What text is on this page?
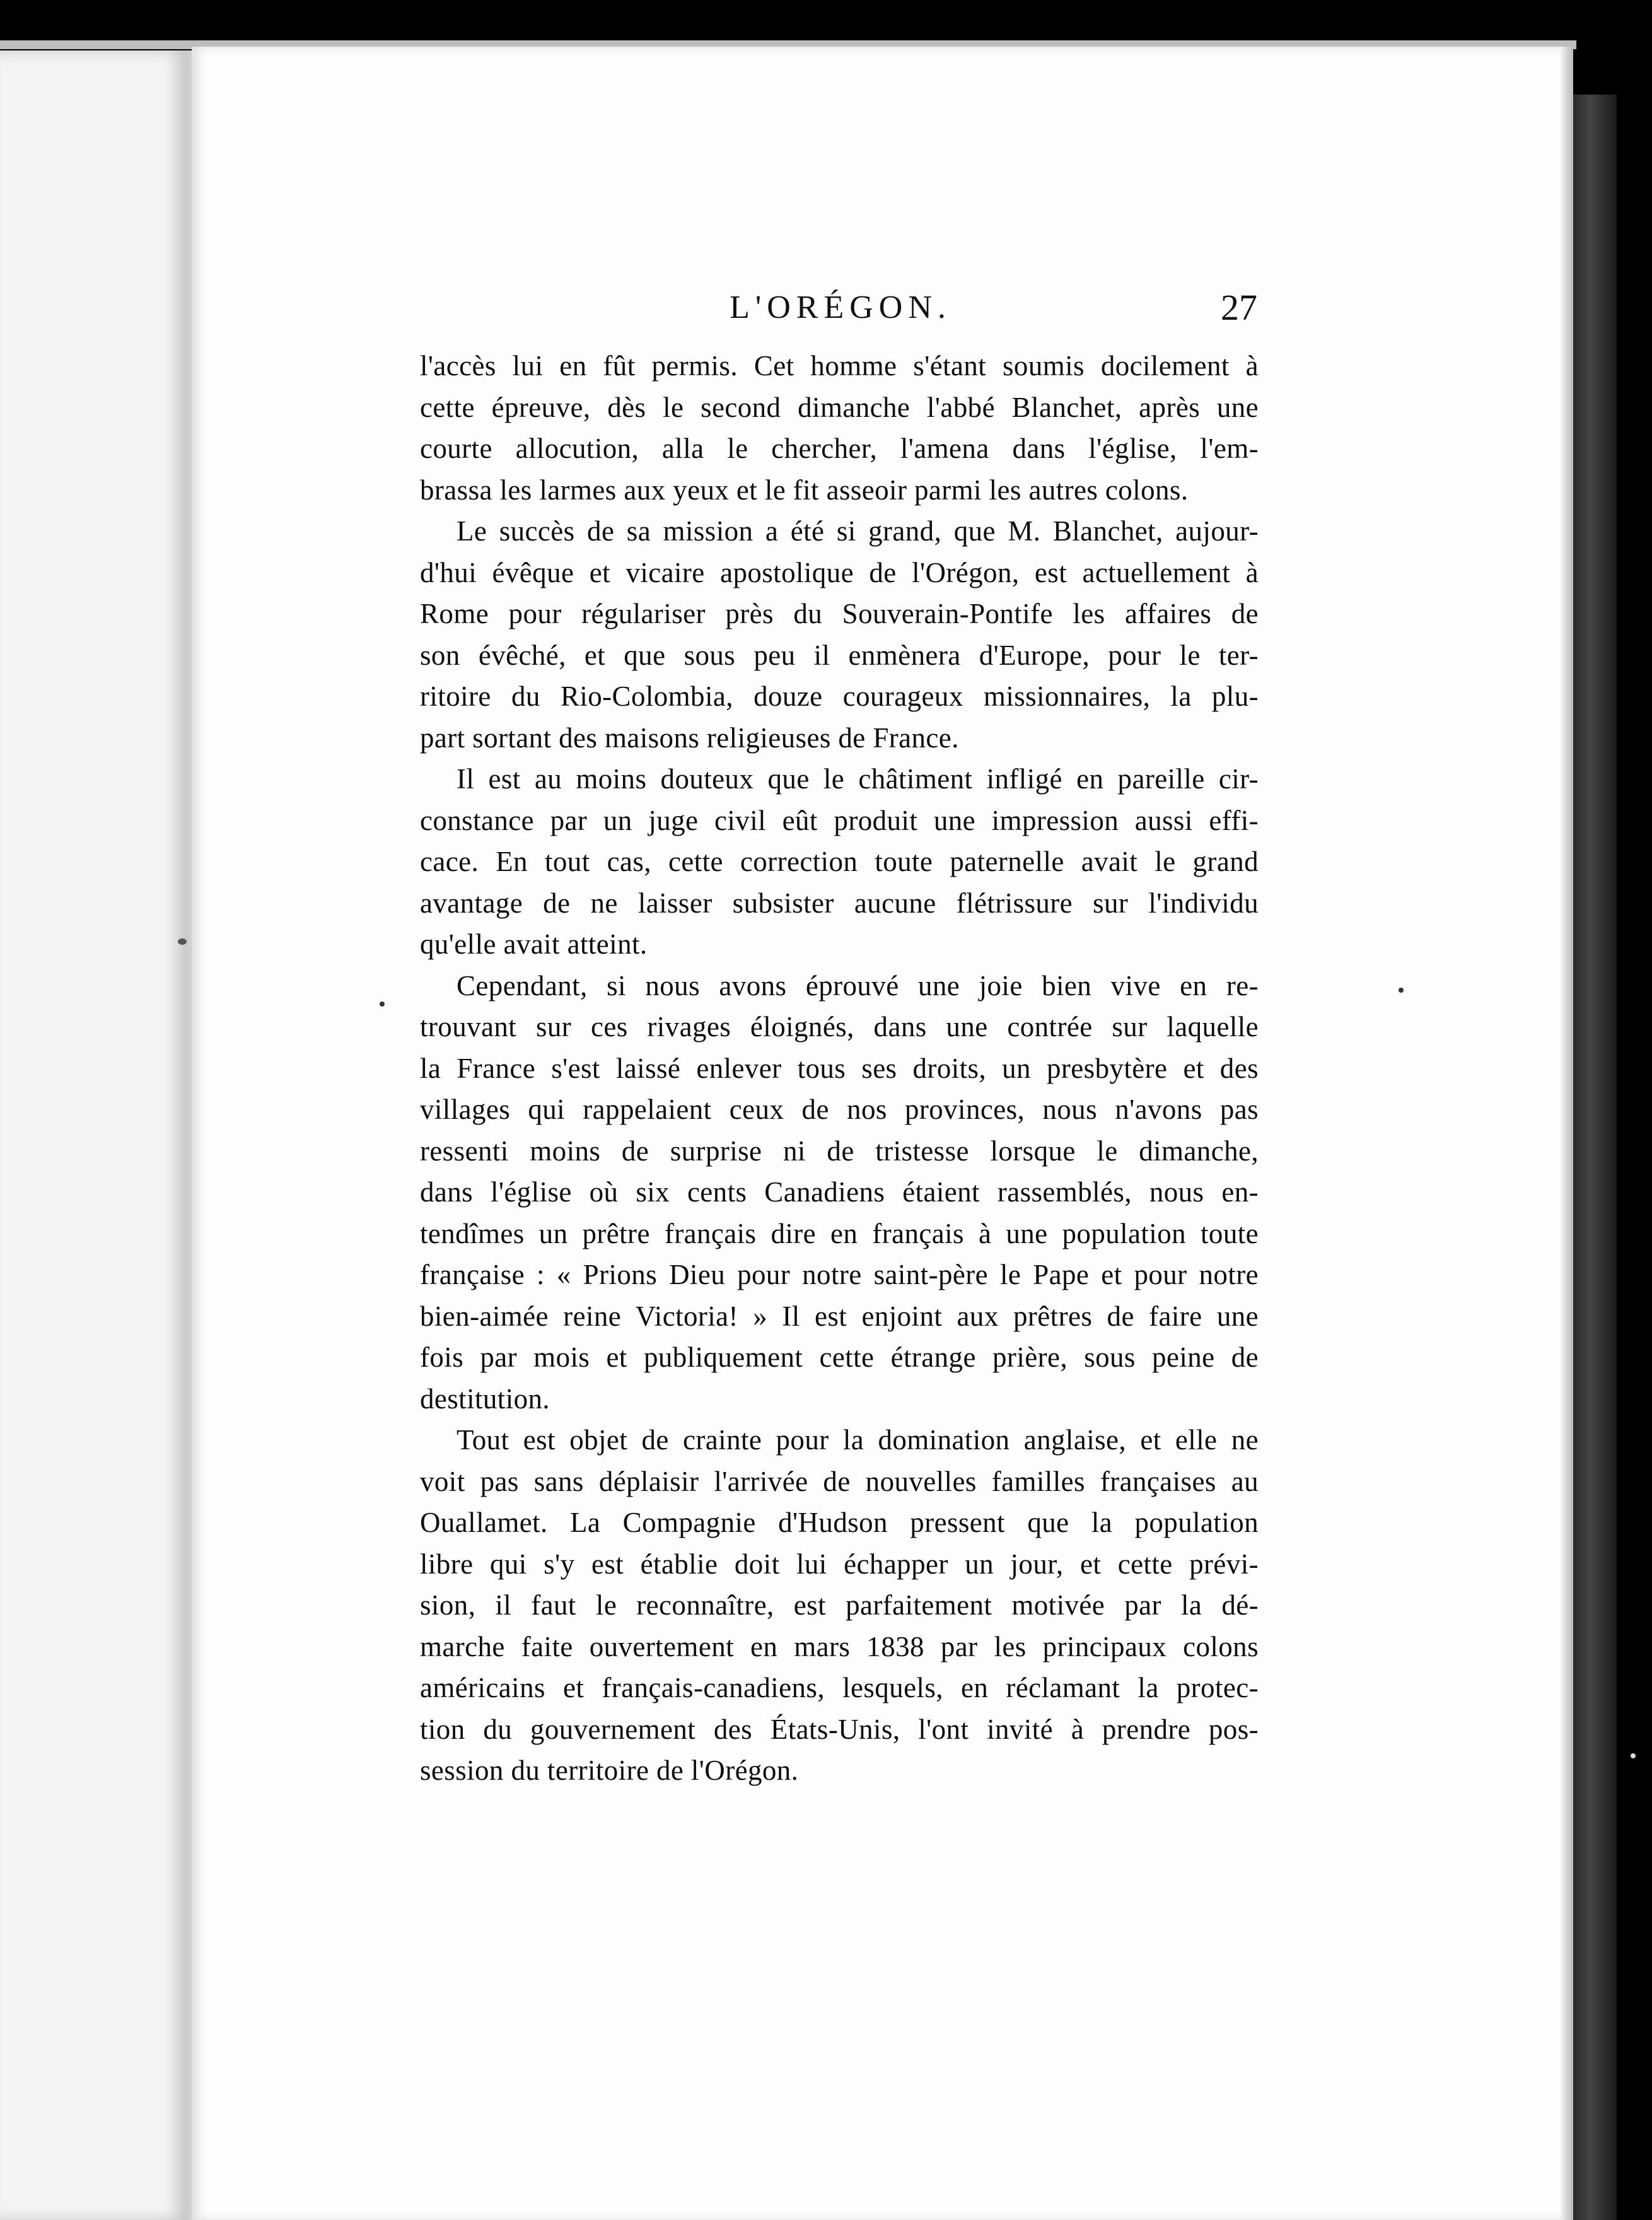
L'ORÉGON.	27

l'accès lui en fût permis. Cet homme s'étant soumis docilement à
cette épreuve, dès le second dimanche l'abbé Blanchet, après une
courte allocution, alla le chercher, l'amena dans l'église, l'em-
brassa les larmes aux yeux et le fit asseoir parmi les autres colons.

Le succès de sa mission a été si grand, que M. Blanchet, aujour-
d'hui évêque et vicaire apostolique de l'Orégon, est actuellement à
Rome pour régulariser près du Souverain-Pontife les affaires de
son évêché, et que sous peu il enmènera d'Europe, pour le ter-
ritoire du Rio-Colombia, douze courageux missionnaires, la plu-
part sortant des maisons religieuses de France.

Il est au moins douteux que le châtiment infligé en pareille cir-
constance par un juge civil eût produit une impression aussi effi-
cace. En tout cas, cette correction toute paternelle avait le grand
avantage de ne laisser subsister aucune flétrissure sur l'individu
qu'elle avait atteint.

Cependant, si nous avons éprouvé une joie bien vive en re-
trouvant sur ces rivages éloignés, dans une contrée sur laquelle
la France s'est laissé enlever tous ses droits, un presbytère et des
villages qui rappelaient ceux de nos provinces, nous n'avons pas
ressenti moins de surprise ni de tristesse lorsque le dimanche,
dans l'église où six cents Canadiens étaient rassemblés, nous en-
tendîmes un prêtre français dire en français à une population toute
française : « Prions Dieu pour notre saint-père le Pape et pour notre
bien-aimée reine Victoria! » Il est enjoint aux prêtres de faire une
fois par mois et publiquement cette étrange prière, sous peine de
destitution.

Tout est objet de crainte pour la domination anglaise, et elle ne
voit pas sans déplaisir l'arrivée de nouvelles familles françaises au
Ouallamet. La Compagnie d'Hudson pressent que la population
libre qui s'y est établie doit lui échapper un jour, et cette prévi-
sion, il faut le reconnaître, est parfaitement motivée par la dé-
marche faite ouvertement en mars 1838 par les principaux colons
américains et français-canadiens, lesquels, en réclamant la protec-
tion du gouvernement des États-Unis, l'ont invité à prendre pos-
session du territoire de l'Orégon.
